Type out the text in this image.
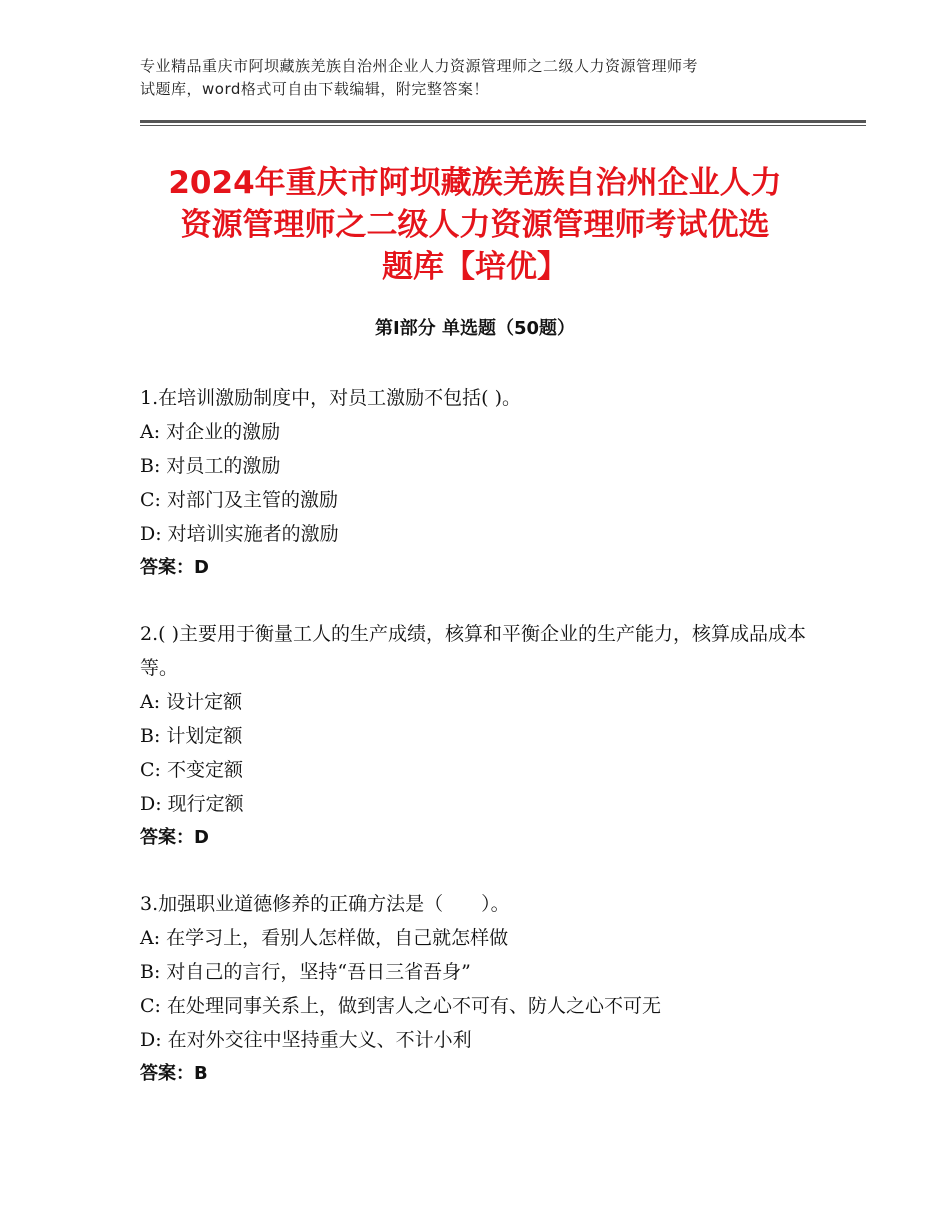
专业精品重庆市阿坝藏族羌族自治州企业人力资源管理师之二级人力资源管理师考
试题库，word格式可自由下载编辑，附完整答案！
2024年重庆市阿坝藏族羌族自治州企业人力
资源管理师之二级人力资源管理师考试优选
题库【培优】
第Ⅰ部分 单选题（50题）

1.在培训激励制度中，对员工激励不包括( )。

A: 对企业的激励

B: 对员工的激励

C: 对部门及主管的激励

D: 对培训实施者的激励

答案：D

2.( )主要用于衡量工人的生产成绩，核算和平衡企业的生产能力，核算成品成本等。

A: 设计定额

B: 计划定额

C: 不变定额

D: 现行定额

答案：D

3.加强职业道德修养的正确方法是（　　）。

A: 在学习上，看别人怎样做，自己就怎样做

B: 对自己的言行，坚持“吾日三省吾身”

C: 在处理同事关系上，做到害人之心不可有、防人之心不可无

D: 在对外交往中坚持重大义、不计小利

答案：B
